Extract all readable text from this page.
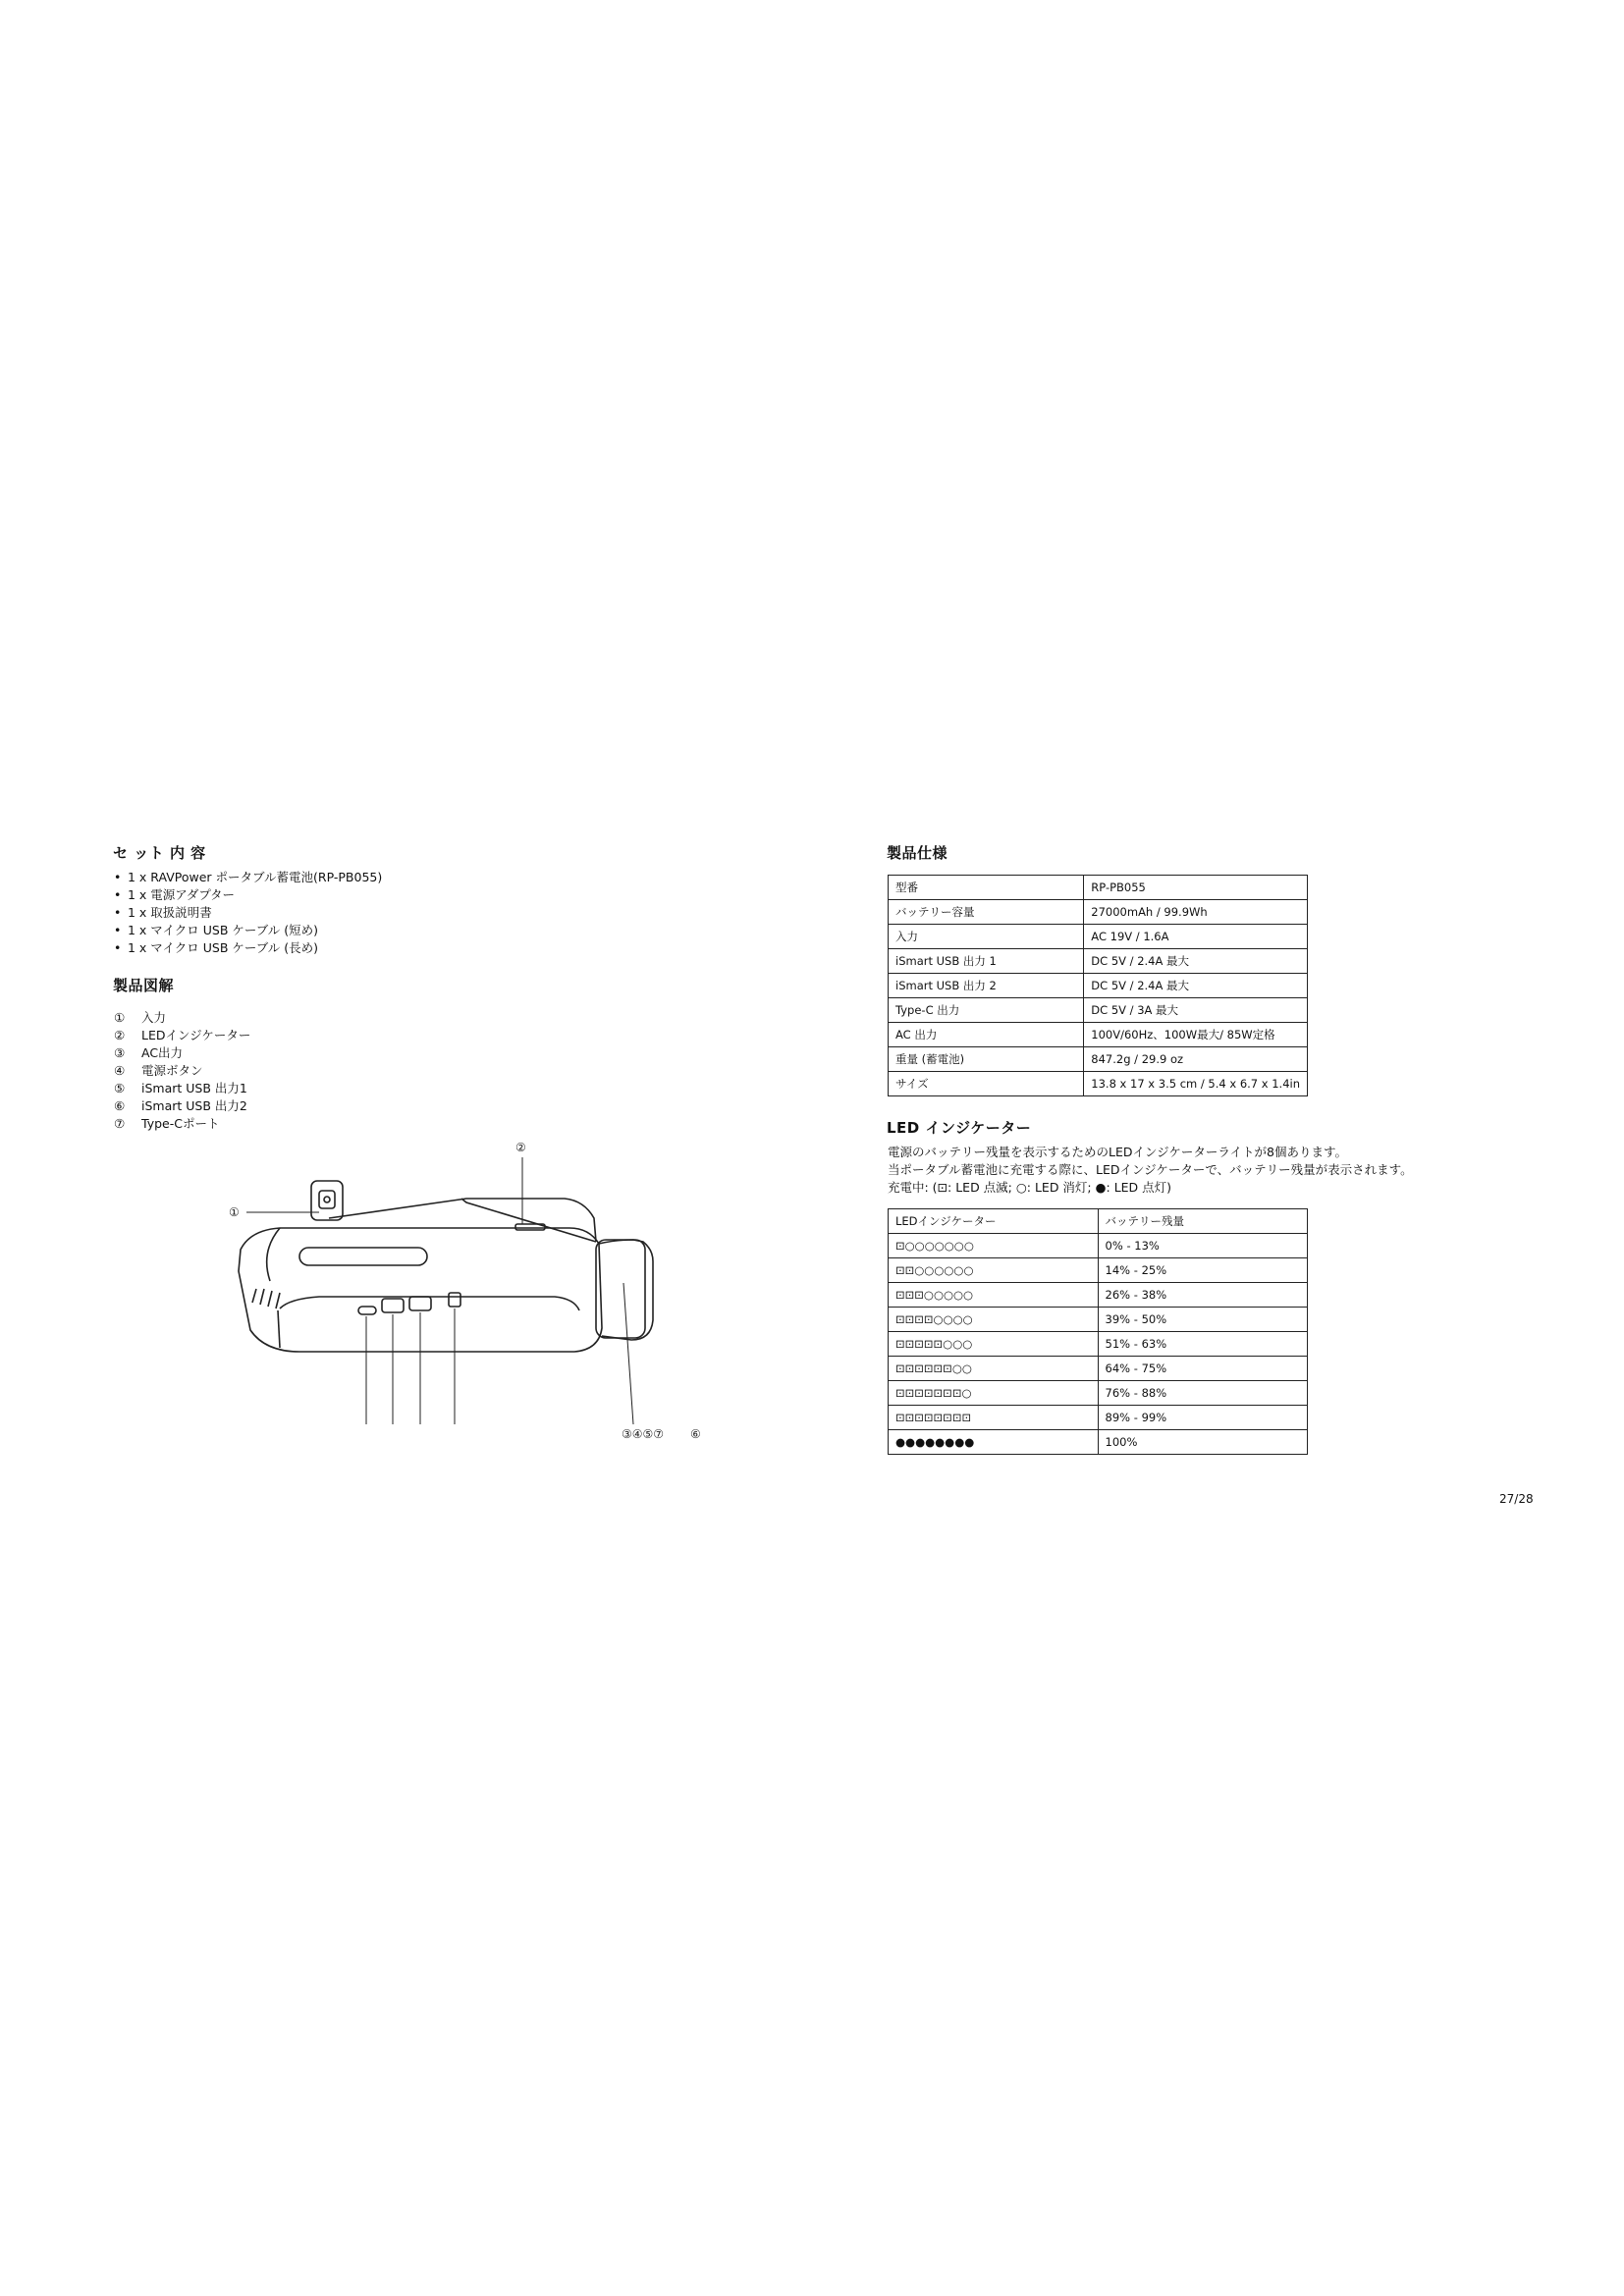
セ ット 内 容
• 1 x RAVPower ポータブル蓄電池(RP-PB055)
• 1 x 電源アダプター
• 1 x 取扱説明書
• 1 x マイクロ USB ケーブル (短め)
• 1 x マイクロ USB ケーブル (長め)
製品図解
① 入力
② LEDインジケーター
③ AC出力
④ 電源ボタン
⑤ iSmart USB 出力1
⑥ iSmart USB 出力2
⑦ Type-Cポート
②
①
③④⑤⑦ ⑥
製品仕様
型番	RP-PB055
バッテリー容量	27000mAh / 99.9Wh
入力	AC 19V / 1.6A
iSmart USB 出力 1	DC 5V / 2.4A 最大
iSmart USB 出力 2	DC 5V / 2.4A 最大
Type-C 出力	DC 5V / 3A 最大
AC 出力	100V/60Hz、100W最大/ 85W定格
重量 (蓄電池)	847.2g / 29.9 oz
サイズ	13.8 x 17 x 3.5 cm / 5.4 x 6.7 x 1.4in
LED インジケーター
電源のバッテリー残量を表示するためのLEDインジケーターライトが8個あります。
当ポータブル蓄電池に充電する際に、LEDインジケーターで、バッテリー残量が表示されます。
充電中: (⊡: LED 点滅; ○: LED 消灯; ●: LED 点灯)
LEDインジケーター	バッテリー残量
⊡○○○○○○○	0% - 13%
⊡⊡○○○○○○	14% - 25%
⊡⊡⊡○○○○○	26% - 38%
⊡⊡⊡⊡○○○○	39% - 50%
⊡⊡⊡⊡⊡○○○	51% - 63%
⊡⊡⊡⊡⊡⊡○○	64% - 75%
⊡⊡⊡⊡⊡⊡⊡○	76% - 88%
⊡⊡⊡⊡⊡⊡⊡⊡	89% - 99%
●●●●●●●●	100%
27/28
